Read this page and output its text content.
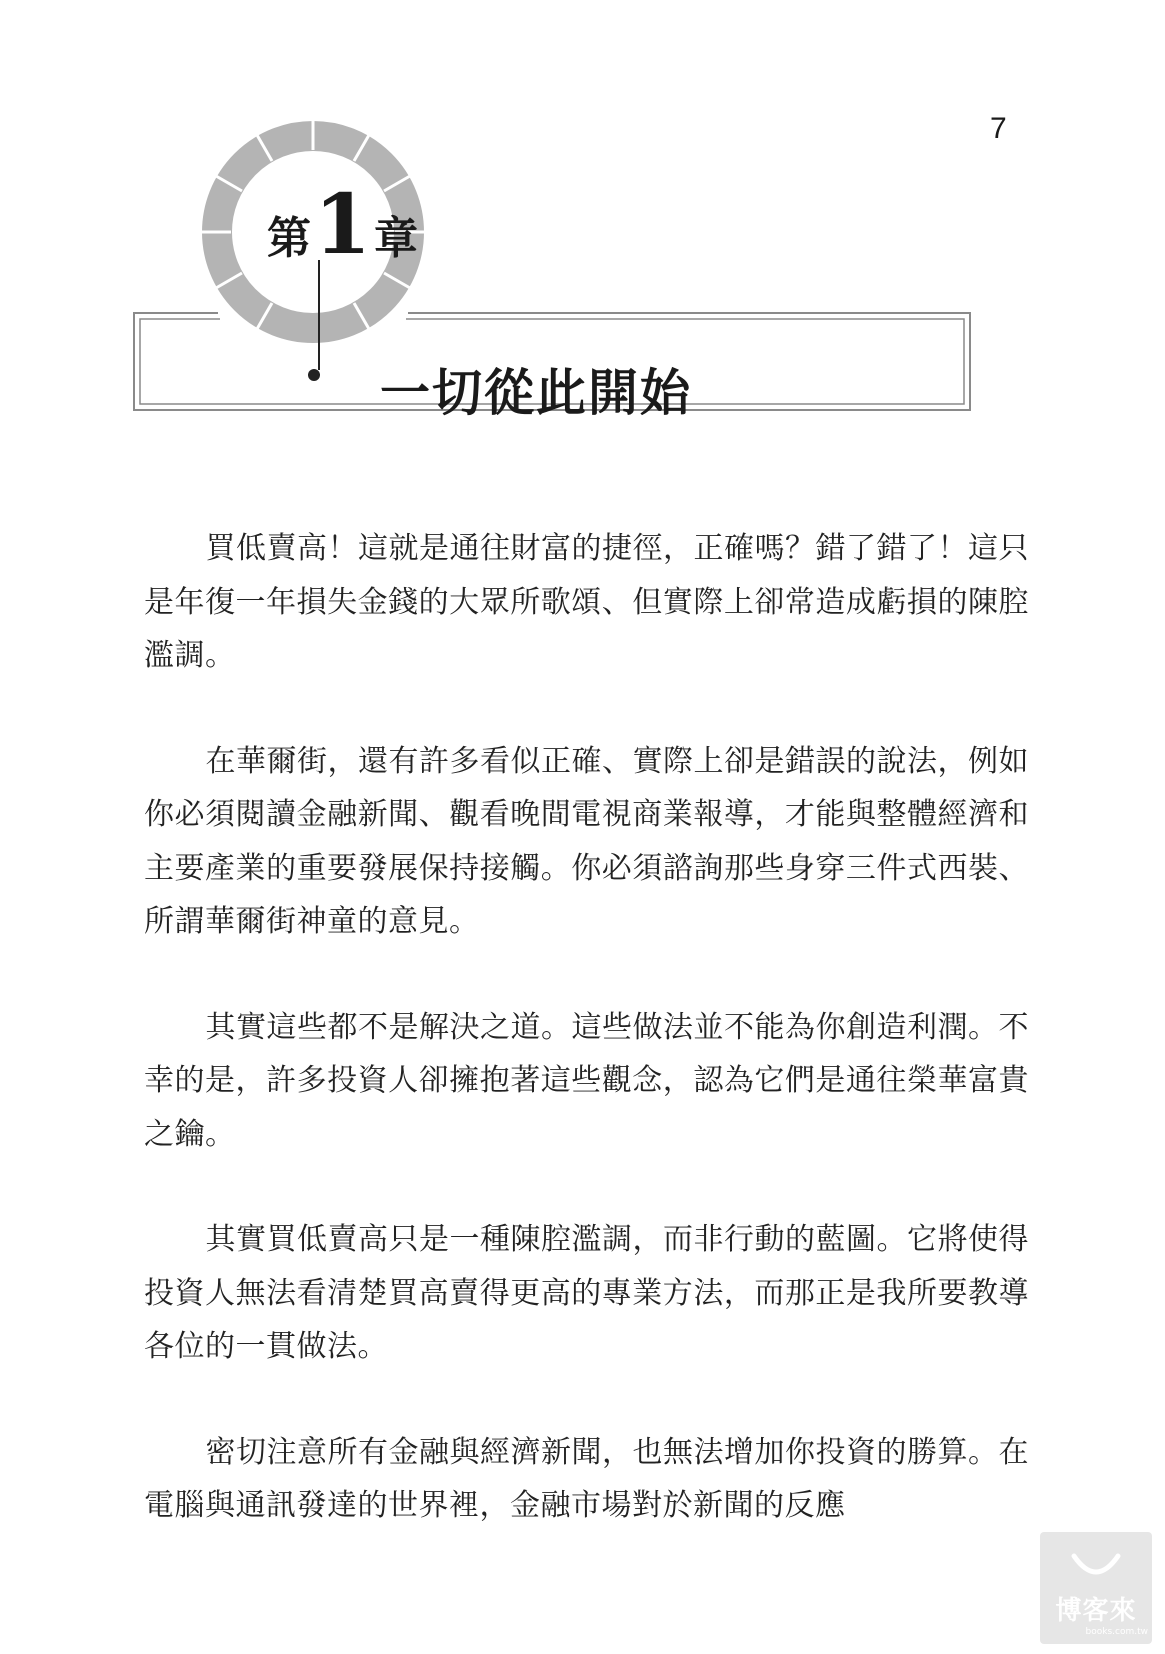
7
第 1 章
一切從此開始

買低賣高！這就是通往財富的捷徑，正確嗎？錯了錯了！這只是年復一年損失金錢的大眾所歌頌、但實際上卻常造成虧損的陳腔濫調。

在華爾街，還有許多看似正確、實際上卻是錯誤的說法，例如你必須閱讀金融新聞、觀看晚間電視商業報導，才能與整體經濟和主要產業的重要發展保持接觸。你必須諮詢那些身穿三件式西裝、所謂華爾街神童的意見。

其實這些都不是解決之道。這些做法並不能為你創造利潤。不幸的是，許多投資人卻擁抱著這些觀念，認為它們是通往榮華富貴之鑰。

其實買低賣高只是一種陳腔濫調，而非行動的藍圖。它將使得投資人無法看清楚買高賣得更高的專業方法，而那正是我所要教導各位的一貫做法。

密切注意所有金融與經濟新聞，也無法增加你投資的勝算。在電腦與通訊發達的世界裡，金融市場對於新聞的反應

博客來
books.com.tw
